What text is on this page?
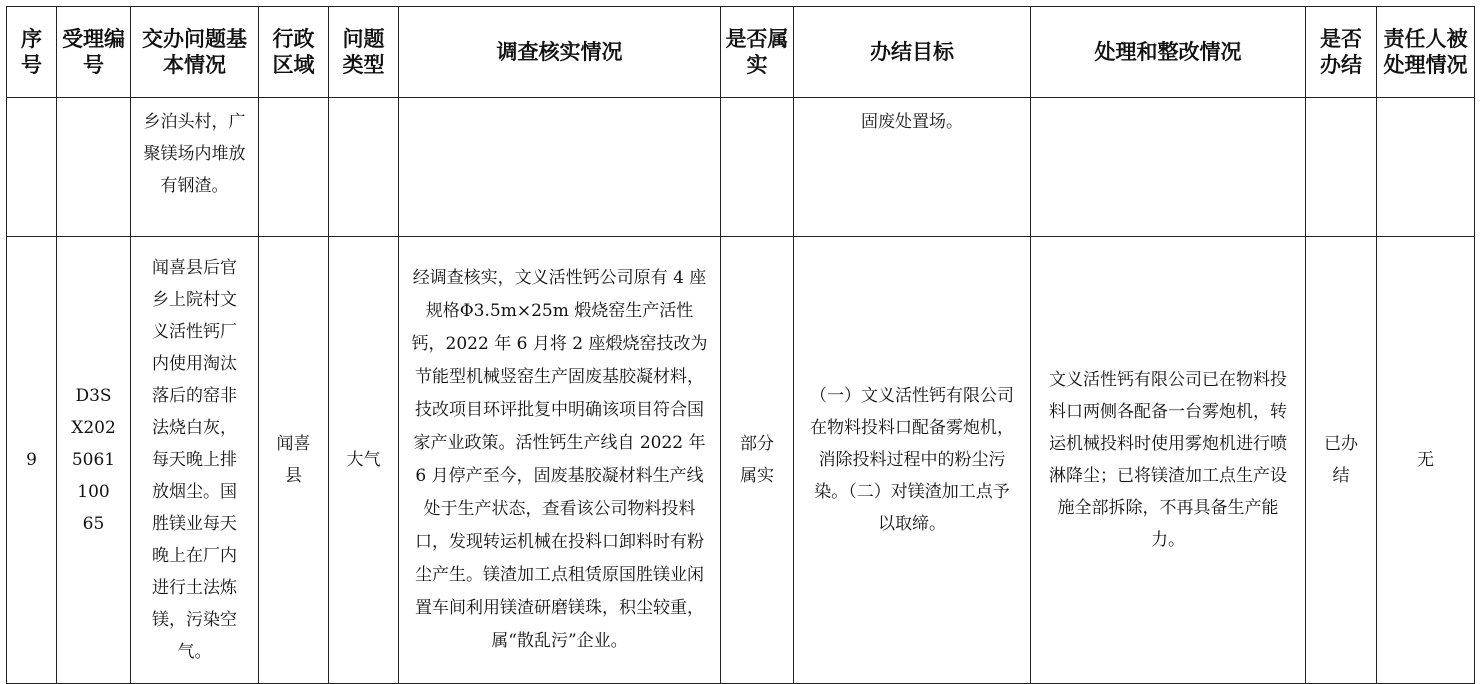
序号	受理编号	交办问题基本情况	行政区域	问题类型	调查核实情况	是否属实	办结目标	处理和整改情况	是否办结	责任人被处理情况
		乡泊头村，广聚镁场内堆放有钢渣。					固废处置场。			
9	D3SX2025061100 65	闻喜县后官乡上院村文义活性钙厂内使用淘汰落后的窑非法烧白灰，每天晚上排放烟尘。国胜镁业每天晚上在厂内进行土法炼镁，污染空气。	闻喜县	大气	经调查核实，文义活性钙公司原有 4 座规格Φ3.5m×25m 煅烧窑生产活性钙，2022 年 6 月将 2 座煅烧窑技改为节能型机械竖窑生产固废基胶凝材料，技改项目环评批复中明确该项目符合国家产业政策。活性钙生产线自 2022 年 6 月停产至今，固废基胶凝材料生产线处于生产状态，查看该公司物料投料口，发现转运机械在投料口卸料时有粉尘产生。镁渣加工点租赁原国胜镁业闲置车间利用镁渣研磨镁珠，积尘较重，属“散乱污”企业。	部分属实	（一）文义活性钙有限公司在物料投料口配备雾炮机，消除投料过程中的粉尘污染。（二）对镁渣加工点予以取缔。	文义活性钙有限公司已在物料投料口两侧各配备一台雾炮机，转运机械投料时使用雾炮机进行喷淋降尘；已将镁渣加工点生产设施全部拆除，不再具备生产能力。	已办结	无
